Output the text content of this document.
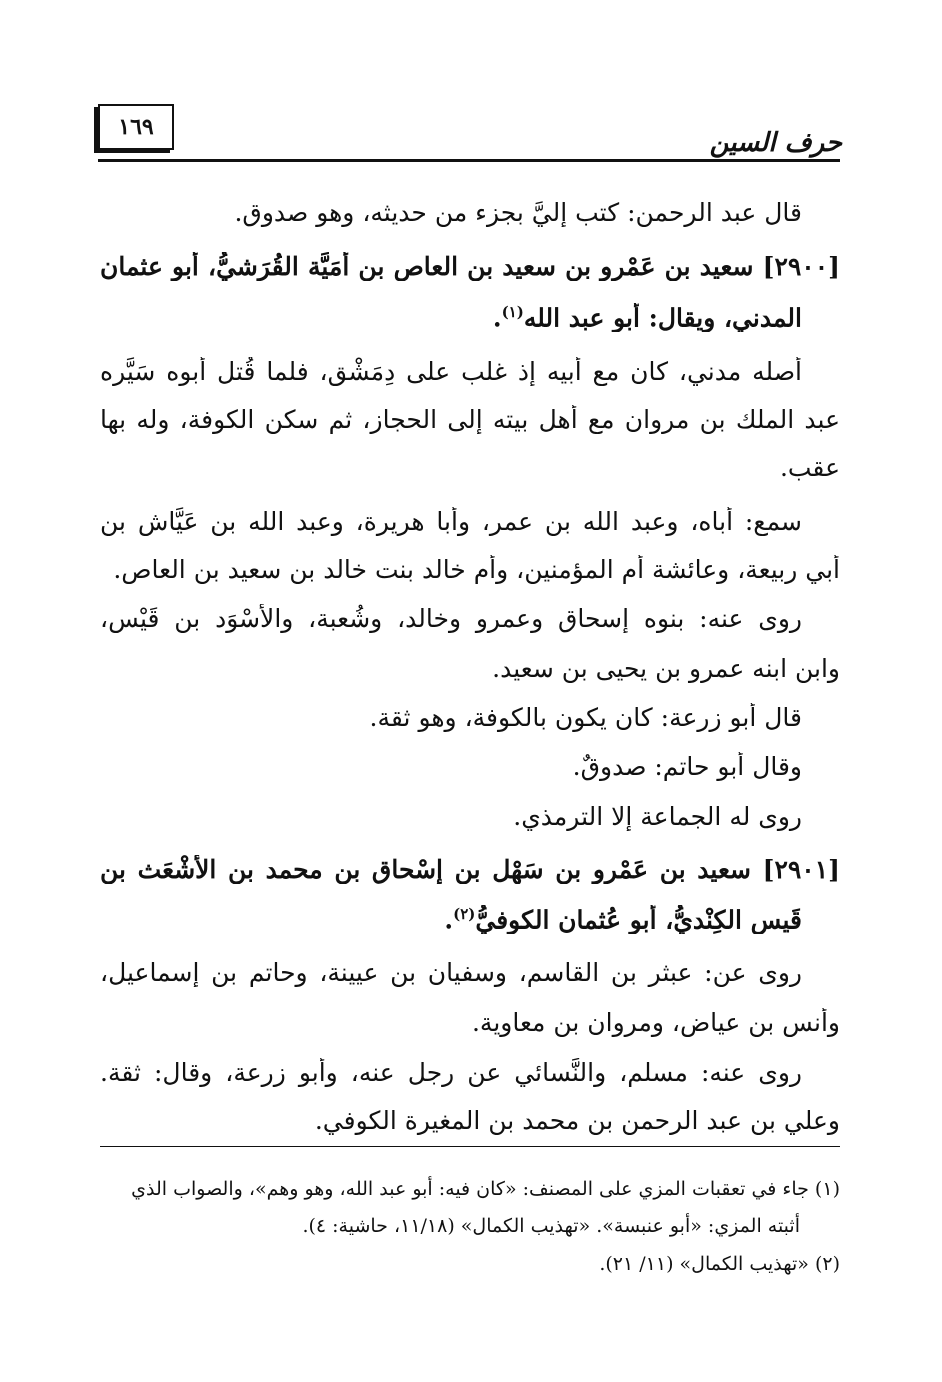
حرف السين
١٦٩
قال عبد الرحمن: كتب إليَّ بجزء من حديثه، وهو صدوق.
[٢٩٠٠] سعيد بن عَمْرو بن سعيد بن العاص بن أُمَيَّة القُرَشيُّ، أبو عثمان
المدني، ويقال: أبو عبد الله$^{(١)}$.
أصله مدني، كان مع أبيه إذ غلب على دِمَشْق، فلما قُتل أبوه سَيَّره
عبد الملك بن مروان مع أهل بيته إلى الحجاز، ثم سكن الكوفة، وله بها
عقب.
سمع: أباه، وعبد الله بن عمر، وأبا هريرة، وعبد الله بن عَيَّاش بن
أبي ربيعة، وعائشة أم المؤمنين، وأم خالد بنت خالد بن سعيد بن العاص.
روى عنه: بنوه إسحاق وعمرو وخالد، وشُعبة، والأَسْوَد بن قَيْس،
وابن ابنه عمرو بن يحيى بن سعيد.
قال أبو زرعة: كان يكون بالكوفة، وهو ثقة.
وقال أبو حاتم: صدوقٌ.
روى له الجماعة إلا الترمذي.
[٢٩٠١] سعيد بن عَمْرو بن سَهْل بن إِسْحاق بن محمد بن الأَشْعَث بن
قَيس الكِنْديُّ، أبو عُثمان الكوفيُّ$^{(٢)}$.
روى عن: عبثر بن القاسم، وسفيان بن عيينة، وحاتم بن إسماعيل،
وأنس بن عياض، ومروان بن معاوية.
روى عنه: مسلم، والنَّسائي عن رجل عنه، وأبو زرعة، وقال: ثقة.
وعلي بن عبد الرحمن بن محمد بن المغيرة الكوفي.
(١) جاء في تعقبات المزي على المصنف: «كان فيه: أبو عبد الله، وهو وهم»، والصواب الذي
أثبته المزي: «أبو عنبسة». «تهذيب الكمال» (١١/١٨، حاشية: ٤).
(٢) «تهذيب الكمال» (١١/ ٢١).
